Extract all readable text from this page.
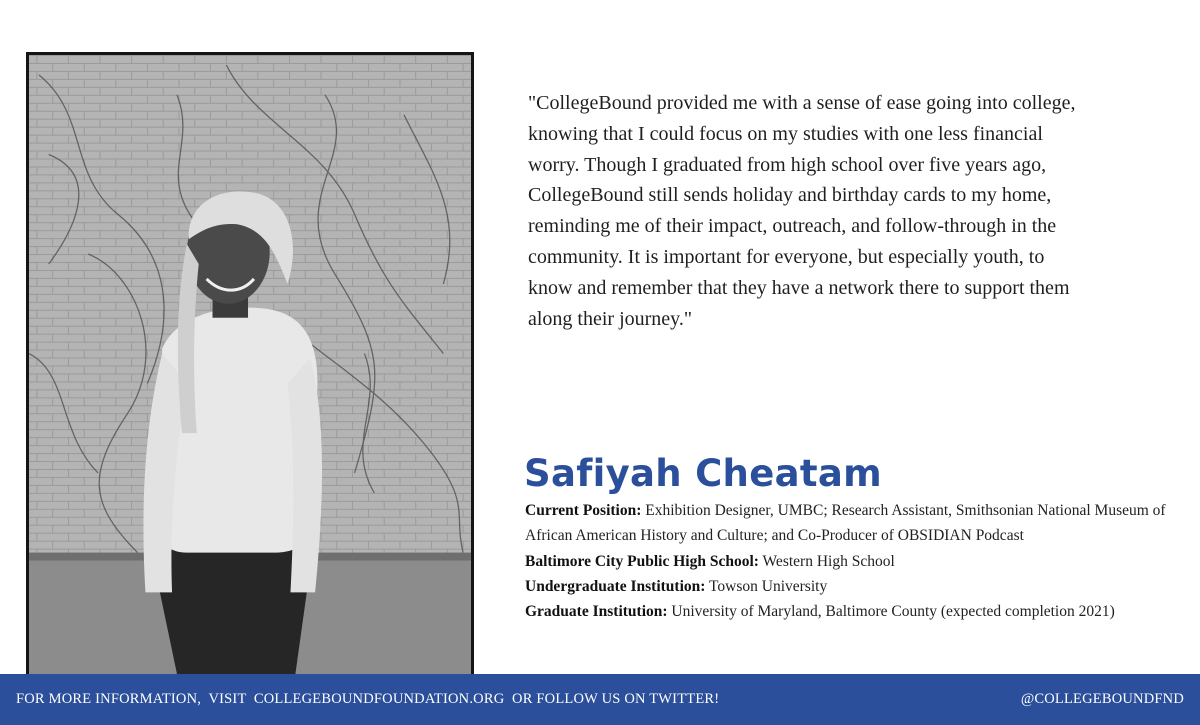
"CollegeBound provided me with a sense of ease going into college, knowing that I could focus on my studies with one less financial worry. Though I graduated from high school over five years ago, CollegeBound still sends holiday and birthday cards to my home, reminding me of their impact, outreach, and follow-through in the community. It is important for everyone, but especially youth, to know and remember that they have a network there to support them along their journey."

Safiyah Cheatam

Current Position: Exhibition Designer, UMBC; Research Assistant, Smithsonian National Museum of African American History and Culture; and Co-Producer of OBSIDIAN Podcast

Baltimore City Public High School: Western High School

Undergraduate Institution: Towson University

Graduate Institution: University of Maryland, Baltimore County (expected completion 2021)

FOR MORE INFORMATION,  VISIT  COLLEGEBOUNDFOUNDATION.ORG  OR FOLLOW US ON TWITTER!	@COLLEGEBOUNDFND
